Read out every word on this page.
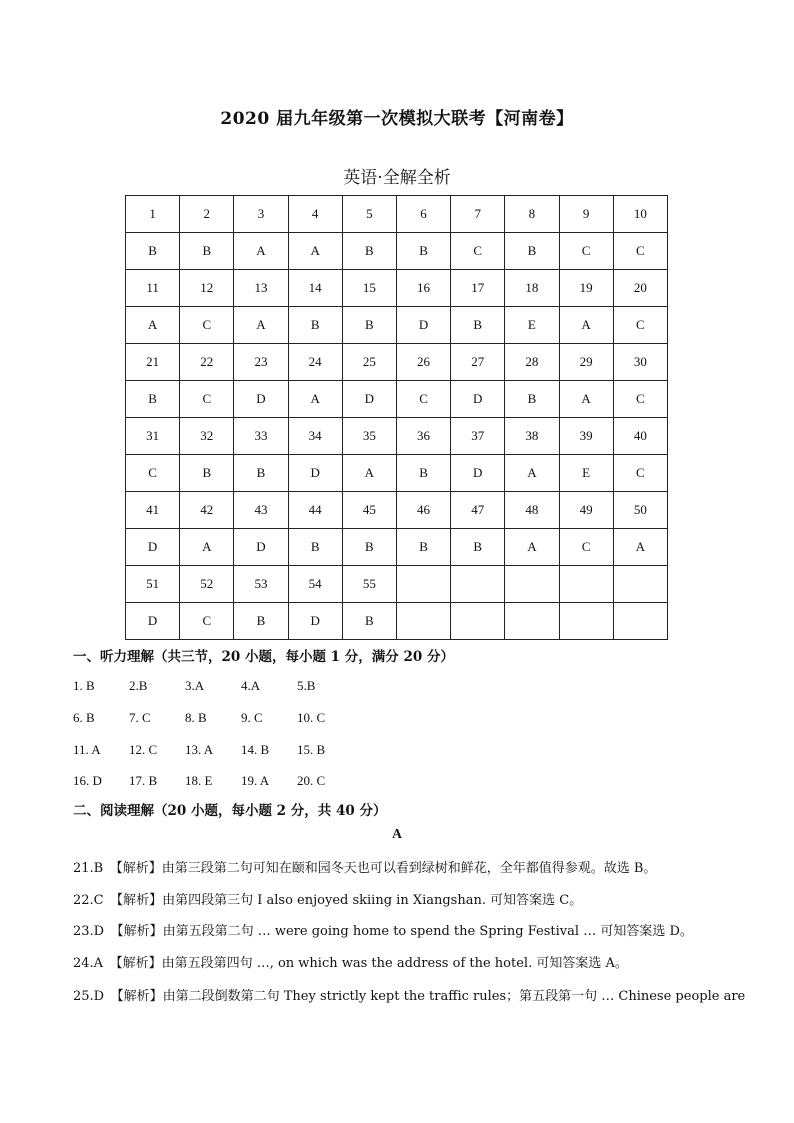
2020 届九年级第一次模拟大联考【河南卷】
英语·全解全析
1	2	3	4	5	6	7	8	9	10
B	B	A	A	B	B	C	B	C	C
11	12	13	14	15	16	17	18	19	20
A	C	A	B	B	D	B	E	A	C
21	22	23	24	25	26	27	28	29	30
B	C	D	A	D	C	D	B	A	C
31	32	33	34	35	36	37	38	39	40
C	B	B	D	A	B	D	A	E	C
41	42	43	44	45	46	47	48	49	50
D	A	D	B	B	B	B	A	C	A
51	52	53	54	55					
D	C	B	D	B					
一、听力理解（共三节，20 小题，每小题 1 分，满分 20 分）
1. B	2.B	3.A	4.A	5.B
6. B	7. C	8. B	9. C	10. C
11. A 12. C 13. A 14. B 15. B
16. D 17. B 18. E 19. A 20. C
二、阅读理解（20 小题，每小题 2 分，共 40 分）
A
21.B　【解析】由第三段第二句可知在颐和园冬天也可以看到绿树和鲜花，全年都值得参观。故选 B。
22.C　【解析】由第四段第三句 I also enjoyed skiing in Xiangshan. 可知答案选 C。
23.D　【解析】由第五段第二句 … were going home to spend the Spring Festival … 可知答案选 D。
24.A　【解析】由第五段第四句 …, on which was the address of the hotel. 可知答案选 A。
25.D　【解析】由第二段倒数第二句 They strictly kept the traffic rules；第五段第一句 … Chinese people are
